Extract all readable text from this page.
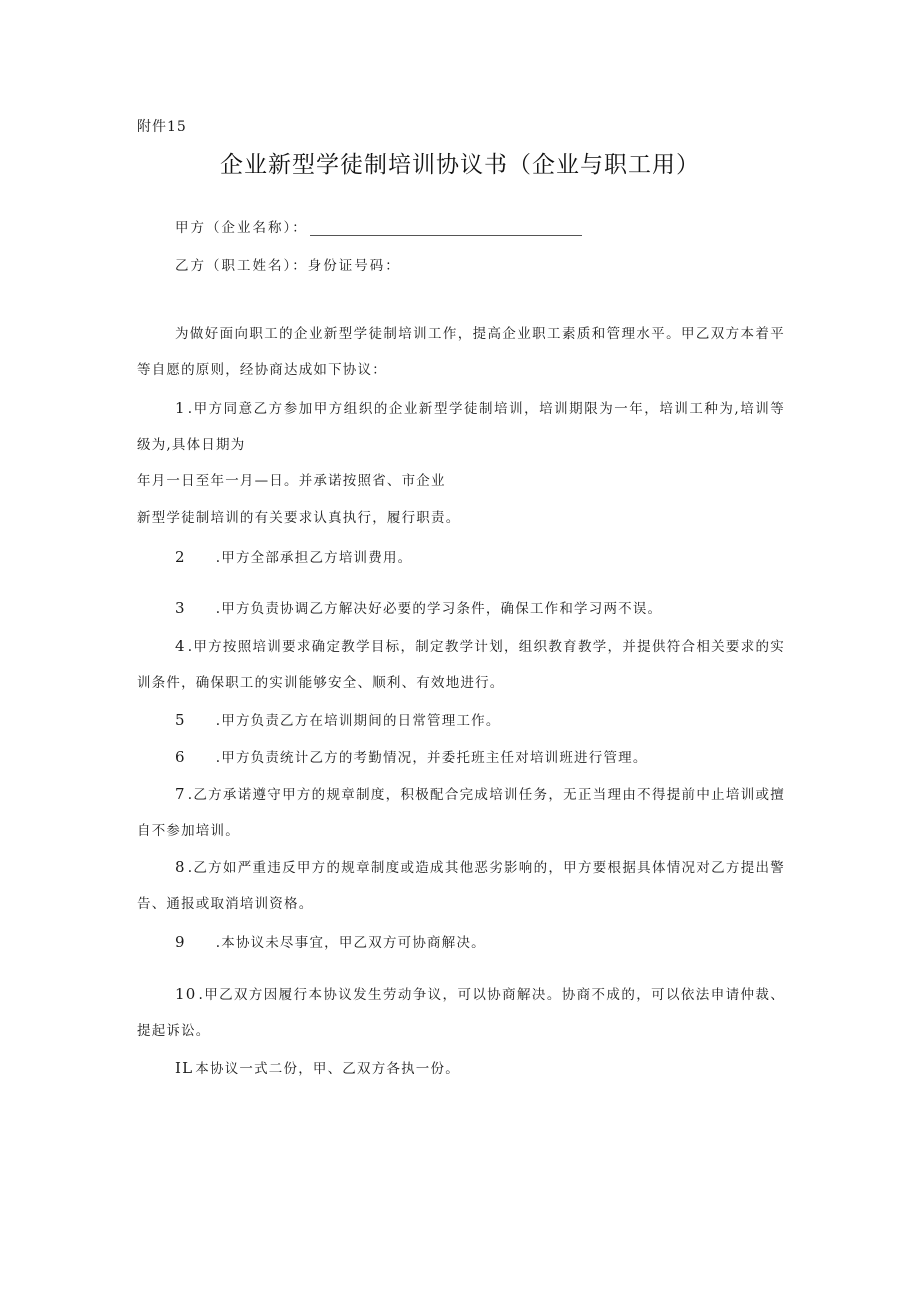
附件15
企业新型学徒制培训协议书（企业与职工用）
甲方（企业名称）：
乙方（职工姓名）：身份证号码：
为做好面向职工的企业新型学徒制培训工作，提高企业职工素质和管理水平。甲乙双方本着平等自愿的原则，经协商达成如下协议：
1 .甲方同意乙方参加甲方组织的企业新型学徒制培训，培训期限为一年，培训工种为,培训等级为,具体日期为
年月一日至年一月—日。并承诺按照省、市企业
新型学徒制培训的有关要求认真执行，履行职责。
2 .甲方全部承担乙方培训费用。
3 .甲方负责协调乙方解决好必要的学习条件，确保工作和学习两不误。
4 .甲方按照培训要求确定教学目标，制定教学计划，组织教育教学，并提供符合相关要求的实训条件，确保职工的实训能够安全、顺利、有效地进行。
5 .甲方负责乙方在培训期间的日常管理工作。
6 .甲方负责统计乙方的考勤情况，并委托班主任对培训班进行管理。
7 .乙方承诺遵守甲方的规章制度，积极配合完成培训任务，无正当理由不得提前中止培训或擅自不参加培训。
8 .乙方如严重违反甲方的规章制度或造成其他恶劣影响的，甲方要根据具体情况对乙方提出警告、通报或取消培训资格。
9 .本协议未尽事宜，甲乙双方可协商解决。
10 .甲乙双方因履行本协议发生劳动争议，可以协商解决。协商不成的，可以依法申请仲裁、提起诉讼。
IL 本协议一式二份，甲、乙双方各执一份。
